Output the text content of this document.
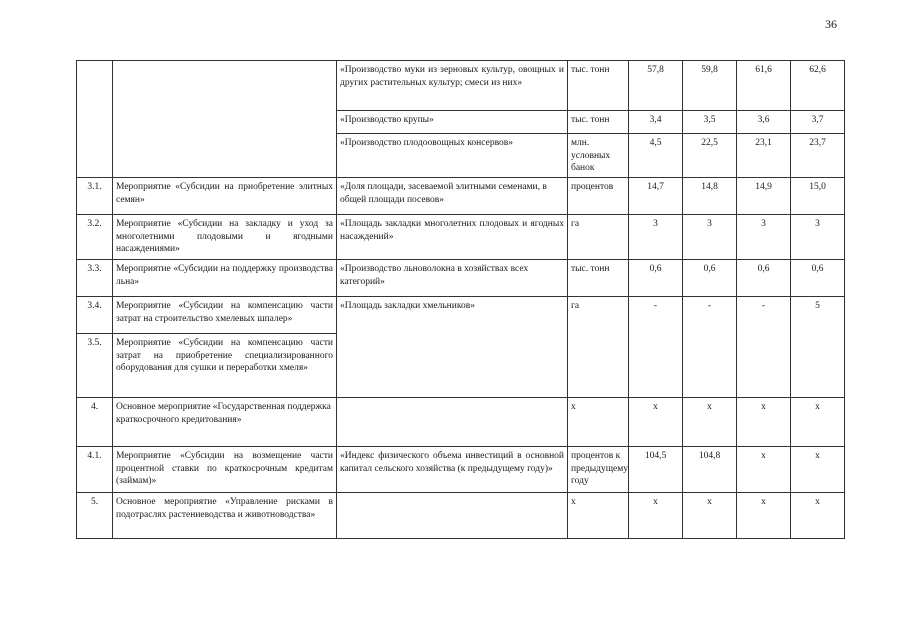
36
		«Производство муки из зерновых культур, овощных и других растительных культур; смеси из них»	тыс. тонн	57,8	59,8	61,6	62,6
		«Производство крупы»	тыс. тонн	3,4	3,5	3,6	3,7
		«Производство плодоовощных консервов»	млн. условных банок	4,5	22,5	23,1	23,7
3.1.	Мероприятие «Субсидии на приобретение элитных семян»	«Доля площади, засеваемой элитными семенами, в общей площади посевов»	процентов	14,7	14,8	14,9	15,0
3.2.	Мероприятие «Субсидии на закладку и уход за многолетними плодовыми и ягодными насаждениями»	«Площадь закладки многолетних плодовых и ягодных насаждений»	га	3	3	3	3
3.3.	Мероприятие «Субсидии на поддержку производства льна»	«Производство льноволокна в хозяйствах всех категорий»	тыс. тонн	0,6	0,6	0,6	0,6
3.4.	Мероприятие «Субсидии на компенсацию части затрат на строительство хмелевых шпалер»	«Площадь закладки хмельников»	га	-	-	-	5
3.5.	Мероприятие «Субсидии на компенсацию части затрат на приобретение специализированного оборудования для сушки и переработки хмеля»						
4.	Основное мероприятие «Государственная поддержка краткосрочного кредитования»		х	х	х	х	х
4.1.	Мероприятие «Субсидии на возмещение части процентной ставки по краткосрочным кредитам (займам)»	«Индекс физического объема инвестиций в основной капитал сельского хозяйства (к предыдущему году)»	процентов к предыдущему году	104,5	104,8	х	х
5.	Основное мероприятие «Управление рисками в подотраслях растениеводства и животноводства»		х	х	х	х	х
